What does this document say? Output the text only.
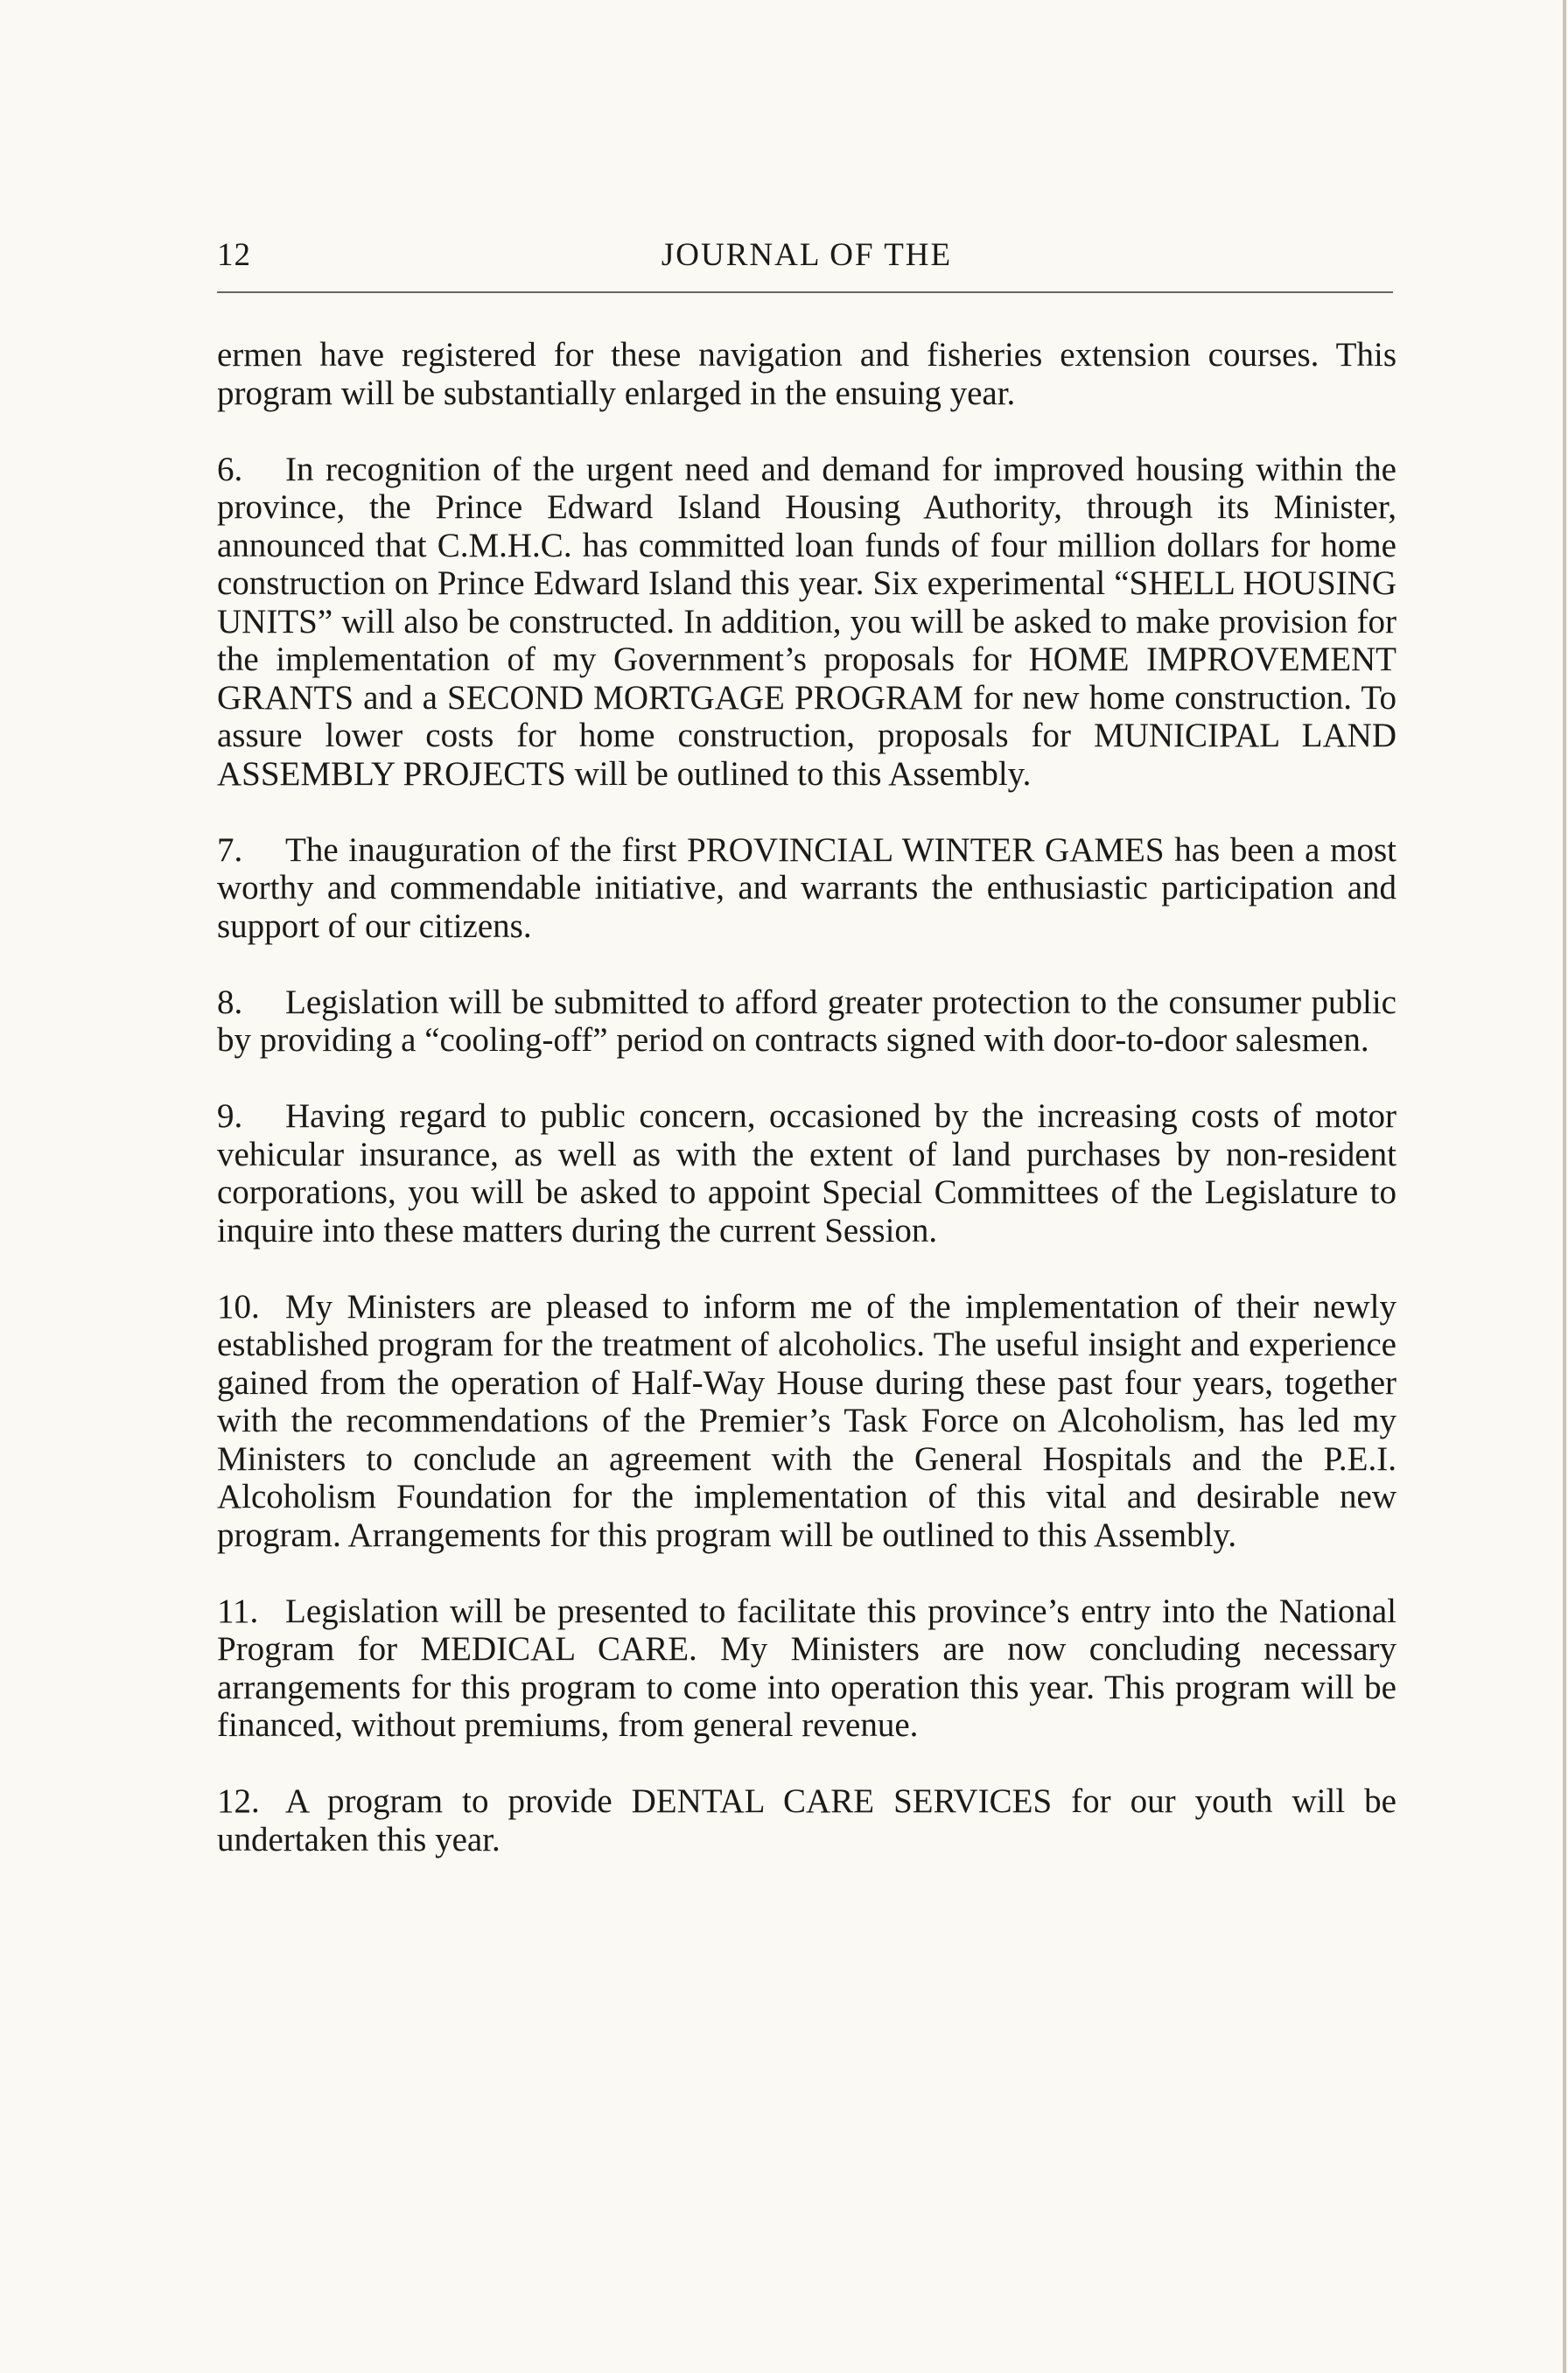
12	JOURNAL OF THE

ermen have registered for these navigation and fisheries extension courses. This program will be substantially enlarged in the ensuing year.

6. In recognition of the urgent need and demand for improved housing within the province, the Prince Edward Island Housing Authority, through its Minister, announced that C.M.H.C. has committed loan funds of four million dollars for home construction on Prince Edward Island this year. Six experimental “SHELL HOUSING UNITS” will also be constructed. In addition, you will be asked to make provision for the implementation of my Government’s proposals for HOME IMPROVEMENT GRANTS and a SECOND MORTGAGE PROGRAM for new home construction. To assure lower costs for home construction, proposals for MUNICIPAL LAND ASSEMBLY PROJECTS will be outlined to this Assembly.

7. The inauguration of the first PROVINCIAL WINTER GAMES has been a most worthy and commendable initiative, and warrants the enthusiastic participation and support of our citizens.

8. Legislation will be submitted to afford greater protection to the consumer public by providing a “cooling-off” period on contracts signed with door-to-door salesmen.

9. Having regard to public concern, occasioned by the increasing costs of motor vehicular insurance, as well as with the extent of land purchases by non-resident corporations, you will be asked to appoint Special Committees of the Legislature to inquire into these matters during the current Session.

10. My Ministers are pleased to inform me of the implementation of their newly established program for the treatment of alcoholics. The useful insight and experience gained from the operation of Half-Way House during these past four years, together with the recommendations of the Premier’s Task Force on Alcoholism, has led my Ministers to conclude an agreement with the General Hospitals and the P.E.I. Alcoholism Foundation for the implementation of this vital and desirable new program. Arrangements for this program will be outlined to this Assembly.

11. Legislation will be presented to facilitate this province’s entry into the National Program for MEDICAL CARE. My Ministers are now concluding necessary arrangements for this program to come into operation this year. This program will be financed, without premiums, from general revenue.

12. A program to provide DENTAL CARE SERVICES for our youth will be undertaken this year.
